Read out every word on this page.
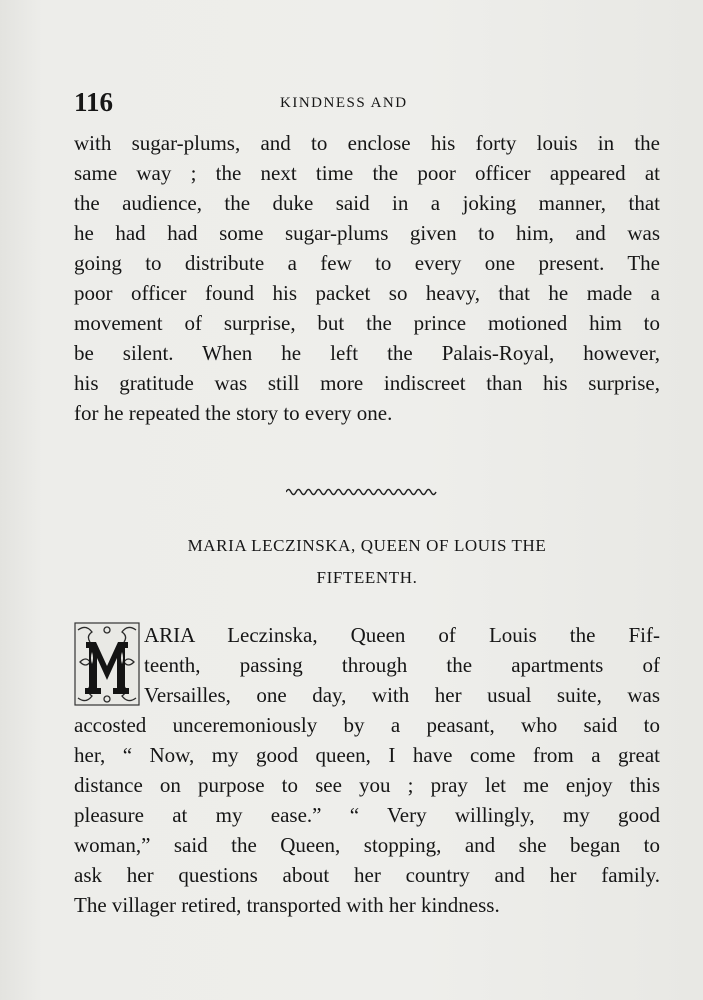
116	KINDNESS AND
with sugar-plums, and to enclose his forty louis in the
same way ; the next time the poor officer appeared at
the audience, the duke said in a joking manner, that
he had had some sugar-plums given to him, and was
going to distribute a few to every one present. The
poor officer found his packet so heavy, that he made a
movement of surprise, but the prince motioned him to
be silent. When he left the Palais-Royal, however,
his gratitude was still more indiscreet than his surprise,
for he repeated the story to every one.
MARIA LECZINSKA, QUEEN OF LOUIS THE
FIFTEENTH.
ARIA Leczinska, Queen of Louis the Fif-
teenth, passing through the apartments of
Versailles, one day, with her usual suite, was
accosted unceremoniously by a peasant, who said to
her, “ Now, my good queen, I have come from a great
distance on purpose to see you ; pray let me enjoy this
pleasure at my ease.” “ Very willingly, my good
woman,” said the Queen, stopping, and she began to
ask her questions about her country and her family.
The villager retired, transported with her kindness.
